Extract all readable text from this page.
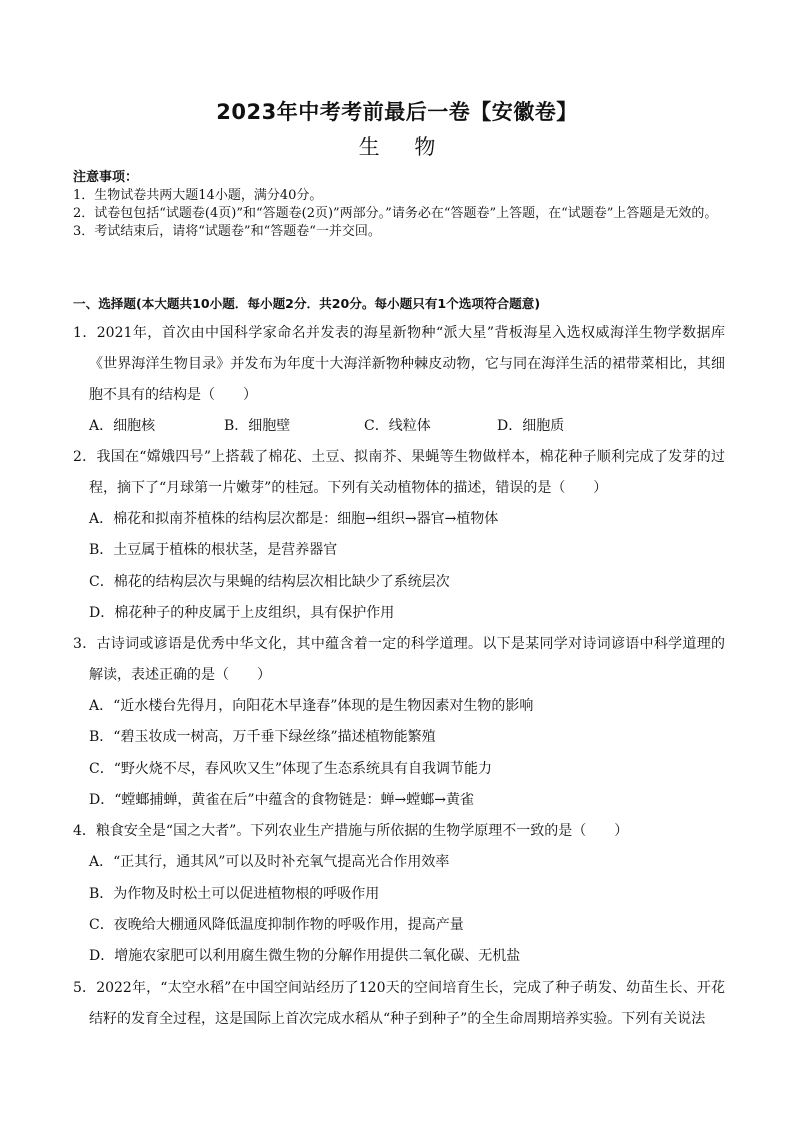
2023年中考考前最后一卷【安徽卷】
生 物
注意事项：
1．生物试卷共两大题14小题，满分40分。
2．试卷包包括“试题卷(4页)”和“答题卷(2页)”两部分。”请务必在“答题卷”上答题，在“试题卷”上答题是无效的。
3．考试结束后，请将“试题卷”和“答题卷“一并交回。
一、选择题(本大题共10小题．每小题2分．共20分。每小题只有1个选项符合题意)
1．2021年，首次由中国科学家命名并发表的海星新物种“派大星”背板海星入选权威海洋生物学数据库《世界海洋生物目录》并发布为年度十大海洋新物种棘皮动物，它与同在海洋生活的裙带菜相比，其细胞不具有的结构是（　　）
A．细胞核	B．细胞壁	C．线粒体	D．细胞质
2．我国在“嫦娥四号”上搭载了棉花、土豆、拟南芥、果蝇等生物做样本，棉花种子顺利完成了发芽的过程，摘下了“月球第一片嫩芽”的桂冠。下列有关动植物体的描述，错误的是（　　）
A．棉花和拟南芥植株的结构层次都是：细胞→组织→器官→植物体
B．土豆属于植株的根状茎，是营养器官
C．棉花的结构层次与果蝇的结构层次相比缺少了系统层次
D．棉花种子的种皮属于上皮组织，具有保护作用
3．古诗词或谚语是优秀中华文化，其中蕴含着一定的科学道理。以下是某同学对诗词谚语中科学道理的解读，表述正确的是（　　）
A．“近水楼台先得月，向阳花木早逢春”体现的是生物因素对生物的影响
B．“碧玉妆成一树高，万千垂下绿丝绦”描述植物能繁殖
C．“野火烧不尽，春风吹又生”体现了生态系统具有自我调节能力
D．“螳螂捕蝉，黄雀在后”中蕴含的食物链是：蝉→螳螂→黄雀
4．粮食安全是“国之大者”。下列农业生产措施与所依据的生物学原理不一致的是（　　）
A．“正其行，通其风”可以及时补充氧气提高光合作用效率
B．为作物及时松土可以促进植物根的呼吸作用
C．夜晚给大棚通风降低温度抑制作物的呼吸作用，提高产量
D．增施农家肥可以利用腐生微生物的分解作用提供二氧化碳、无机盐
5．2022年，“太空水稻”在中国空间站经历了120天的空间培育生长，完成了种子萌发、幼苗生长、开花结籽的发育全过程，这是国际上首次完成水稻从“种子到种子”的全生命周期培养实验。下列有关说法
